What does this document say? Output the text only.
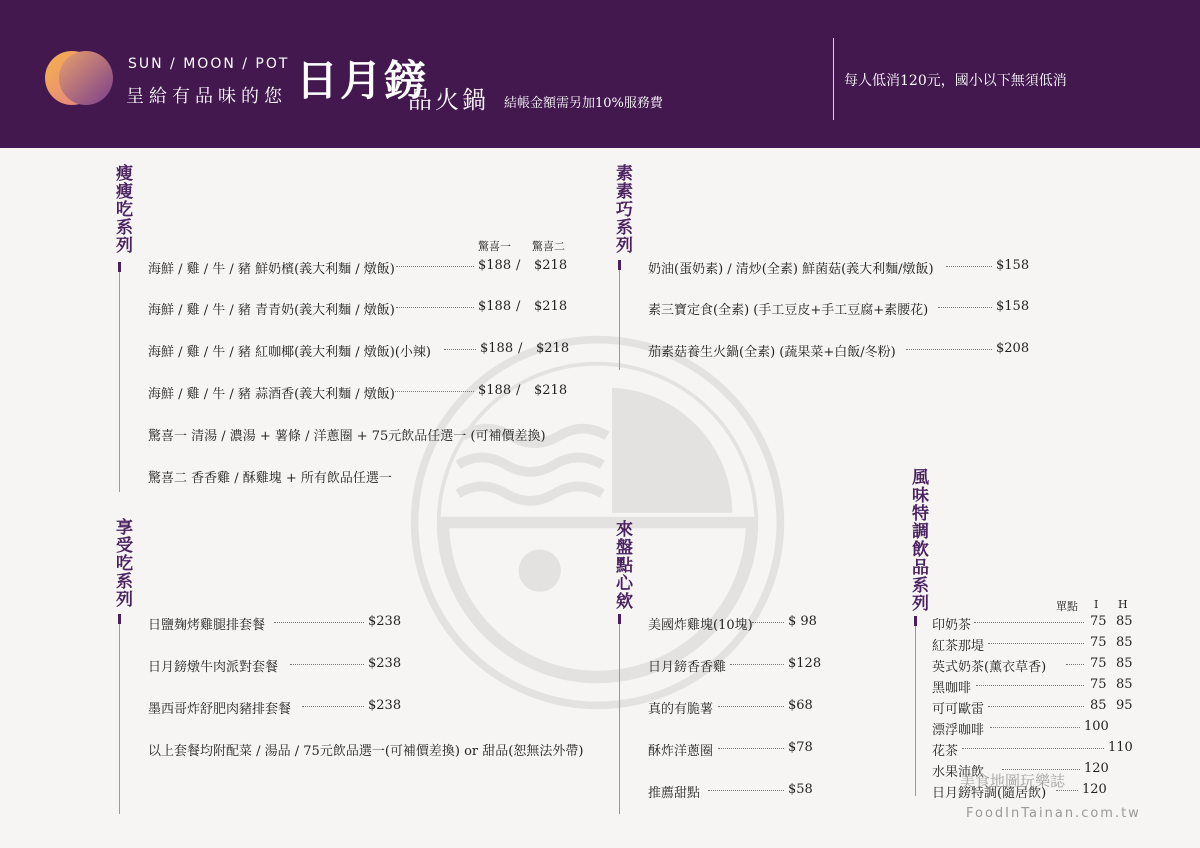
SUN / MOON / POT
呈給有品味的您 日月鎊
品火鍋 結帳金額需另加10%服務費
每人低消120元，國小以下無須低消
瘦瘦吃系列	驚喜一 驚喜二
海鮮 / 雞 / 牛 / 豬 鮮奶檳(義大利麵 / 燉飯)	$188 / $218
海鮮 / 雞 / 牛 / 豬 青青奶(義大利麵 / 燉飯)	$188 / $218
海鮮 / 雞 / 牛 / 豬 紅咖椰(義大利麵 / 燉飯)(小辣)	$188 / $218
海鮮 / 雞 / 牛 / 豬 蒜酒香(義大利麵 / 燉飯)	$188 / $218
驚喜一 清湯 / 濃湯 + 薯條 / 洋蔥圈 + 75元飲品任選一 (可補價差換)
驚喜二 香香雞 / 酥雞塊 + 所有飲品任選一
享受吃系列
日鹽麹烤雞腿排套餐	$238
日月鎊燉牛肉派對套餐	$238
墨西哥炸舒肥肉豬排套餐	$238
以上套餐均附配菜 / 湯品 / 75元飲品選一(可補價差換) or 甜品(恕無法外帶)
素素巧系列
奶油(蛋奶素) / 清炒(全素) 鮮菌菇(義大利麵/燉飯)	$158
素三寶定食(全素) (手工豆皮+手工豆腐+素腰花)	$158
茄素菇養生火鍋(全素) (蔬果菜+白飯/冬粉)	$208
來盤點心欸
美國炸雞塊(10塊)	$ 98
日月鎊香香雞	$128
真的有脆薯	$68
酥炸洋蔥圈	$78
推薦甜點	$58
風味特調飲品系列	單點 I H
印奶茶	75 85
紅茶那堤	75 85
英式奶茶(薰衣草香)	75 85
黑咖啡	75 85
可可歐雷	85 95
漂浮咖啡	100
花茶	110
水果沛飲	120
日月鎊特調(隨居飲)	120
美食地圖玩樂誌
FoodInTainan.com.tw
